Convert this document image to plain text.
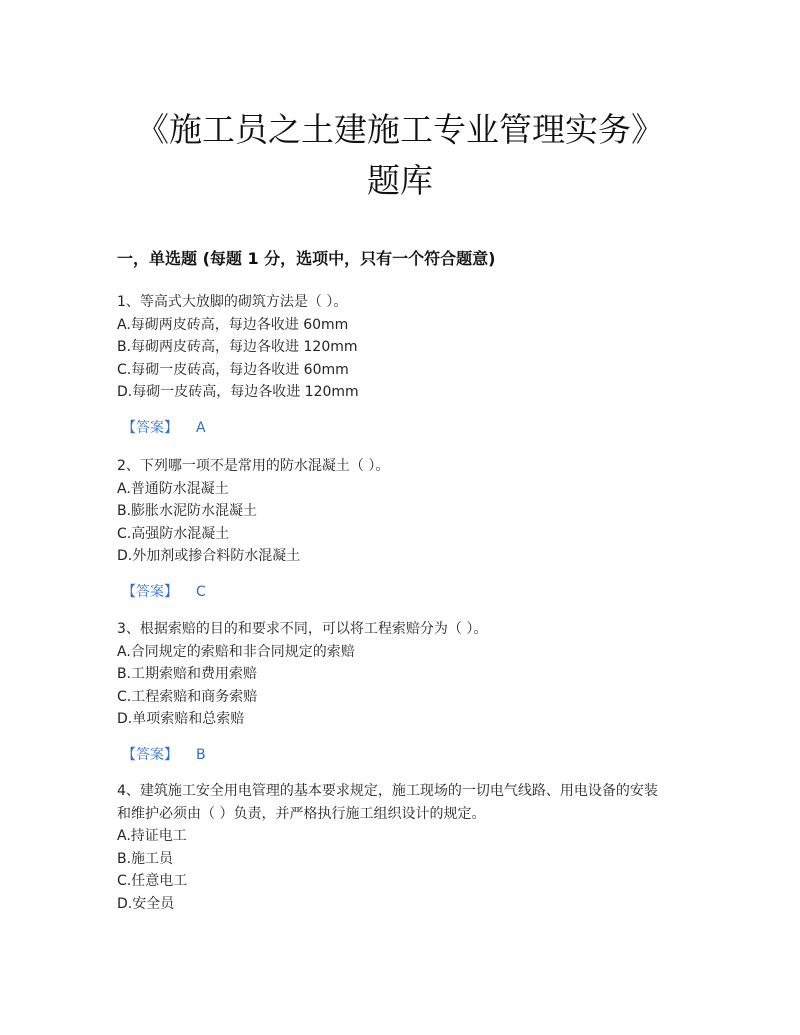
《施工员之土建施工专业管理实务》
题库
一，单选题 (每题 1 分，选项中，只有一个符合题意)
1、等高式大放脚的砌筑方法是（ ）。
A.每砌两皮砖高，每边各收进 60mm
B.每砌两皮砖高，每边各收进 120mm
C.每砌一皮砖高，每边各收进 60mm
D.每砌一皮砖高，每边各收进 120mm
【答案】 A
2、下列哪一项不是常用的防水混凝土（ ）。
A.普通防水混凝土
B.膨胀水泥防水混凝土
C.高强防水混凝土
D.外加剂或掺合料防水混凝土
【答案】 C
3、根据索赔的目的和要求不同，可以将工程索赔分为（ ）。
A.合同规定的索赔和非合同规定的索赔
B.工期索赔和费用索赔
C.工程索赔和商务索赔
D.单项索赔和总索赔
【答案】 B
4、建筑施工安全用电管理的基本要求规定，施工现场的一切电气线路、用电设备的安装
和维护必须由（ ）负责，并严格执行施工组织设计的规定。
A.持证电工
B.施工员
C.任意电工
D.安全员
